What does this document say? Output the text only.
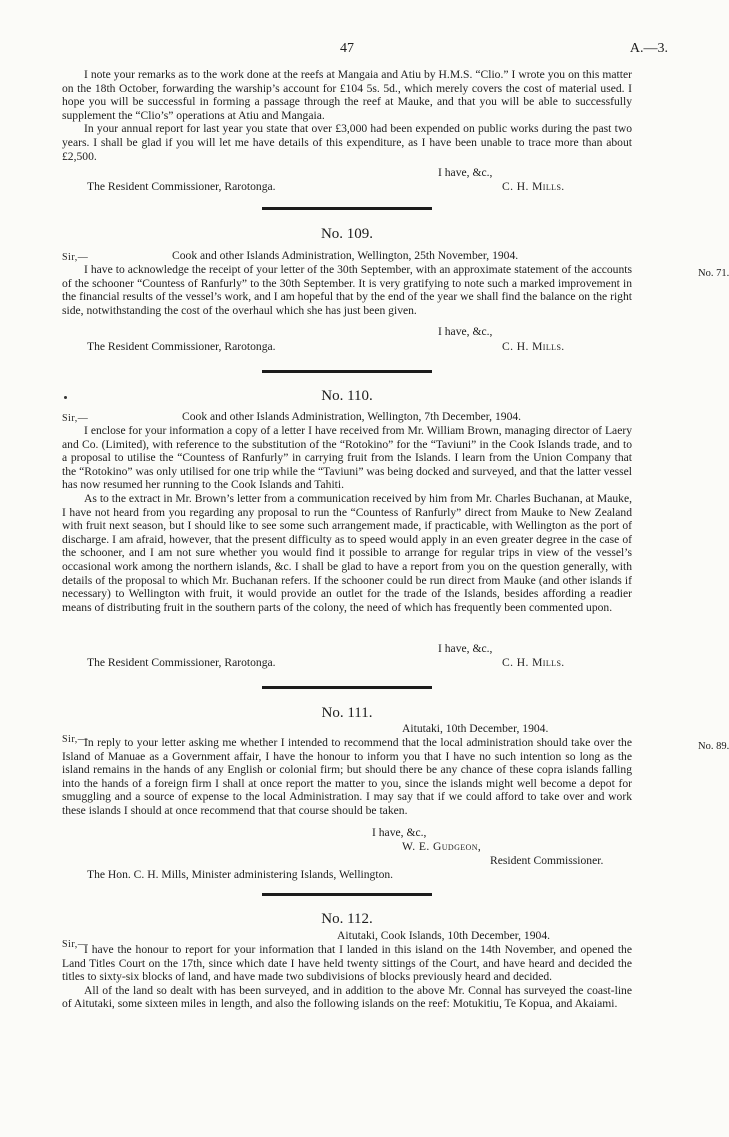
47	A.—3.

I note your remarks as to the work done at the reefs at Mangaia and Atiu by H.M.S. “Clio.” I wrote you on this matter on the 18th October, forwarding the warship’s account for £104 5s. 5d., which merely covers the cost of material used. I hope you will be successful in forming a passage through the reef at Mauke, and that you will be able to successfully supplement the “Clio’s” operations at Atiu and Mangaia.

In your annual report for last year you state that over £3,000 had been expended on public works during the past two years. I shall be glad if you will let me have details of this expenditure, as I have been unable to trace more than about £2,500.

I have, &c.,
The Resident Commissioner, Rarotonga.	C. H. Mills.
No. 109.
Sir,—	Cook and other Islands Administration, Wellington, 25th November, 1904.
No. 71.

I have to acknowledge the receipt of your letter of the 30th September, with an approximate statement of the accounts of the schooner “Countess of Ranfurly” to the 30th September. It is very gratifying to note such a marked improvement in the financial results of the vessel’s work, and I am hopeful that by the end of the year we shall find the balance on the right side, notwithstanding the cost of the overhaul which she has just been given.

I have, &c.,
The Resident Commissioner, Rarotonga.	C. H. Mills.
No. 110.
Sir,—	Cook and other Islands Administration, Wellington, 7th December, 1904.

I enclose for your information a copy of a letter I have received from Mr. William Brown, managing director of Laery and Co. (Limited), with reference to the substitution of the “Rotokino” for the “Taviuni” in the Cook Islands trade, and to a proposal to utilise the “Countess of Ranfurly” in carrying fruit from the Islands. I learn from the Union Company that the “Rotokino” was only utilised for one trip while the “Taviuni” was being docked and surveyed, and that the latter vessel has now resumed her running to the Cook Islands and Tahiti.

As to the extract in Mr. Brown’s letter from a communication received by him from Mr. Charles Buchanan, at Mauke, I have not heard from you regarding any proposal to run the “Countess of Ranfurly” direct from Mauke to New Zealand with fruit next season, but I should like to see some such arrangement made, if practicable, with Wellington as the port of discharge. I am afraid, however, that the present difficulty as to speed would apply in an even greater degree in the case of the schooner, and I am not sure whether you would find it possible to arrange for regular trips in view of the vessel’s occasional work among the northern islands, &c. I shall be glad to have a report from you on the question generally, with details of the proposal to which Mr. Buchanan refers. If the schooner could be run direct from Mauke (and other islands if necessary) to Wellington with fruit, it would provide an outlet for the trade of the Islands, besides affording a readier means of distributing fruit in the southern parts of the colony, the need of which has frequently been commented upon.

I have, &c.,
The Resident Commissioner, Rarotonga.	C. H. Mills.
No. 111.
Sir,—
Aitutaki, 10th December, 1904.
No. 89.

In reply to your letter asking me whether I intended to recommend that the local administration should take over the Island of Manuae as a Government affair, I have the honour to inform you that I have no such intention so long as the island remains in the hands of any English or colonial firm; but should there be any chance of these copra islands falling into the hands of a foreign firm I shall at once report the matter to you, since the islands might well become a depot for smuggling and a source of expense to the local Administration. I may say that if we could afford to take over and work these islands I should at once recommend that that course should be taken.

I have, &c.,
W. E. Gudgeon,
Resident Commissioner.
The Hon. C. H. Mills, Minister administering Islands, Wellington.
No. 112.
Sir,—
Aitutaki, Cook Islands, 10th December, 1904.

I have the honour to report for your information that I landed in this island on the 14th November, and opened the Land Titles Court on the 17th, since which date I have held twenty sittings of the Court, and have heard and decided the titles to sixty-six blocks of land, and have made two subdivisions of blocks previously heard and decided.

All of the land so dealt with has been surveyed, and in addition to the above Mr. Connal has surveyed the coast-line of Aitutaki, some sixteen miles in length, and also the following islands on the reef: Motukitiu, Te Kopua, and Akaiami.
